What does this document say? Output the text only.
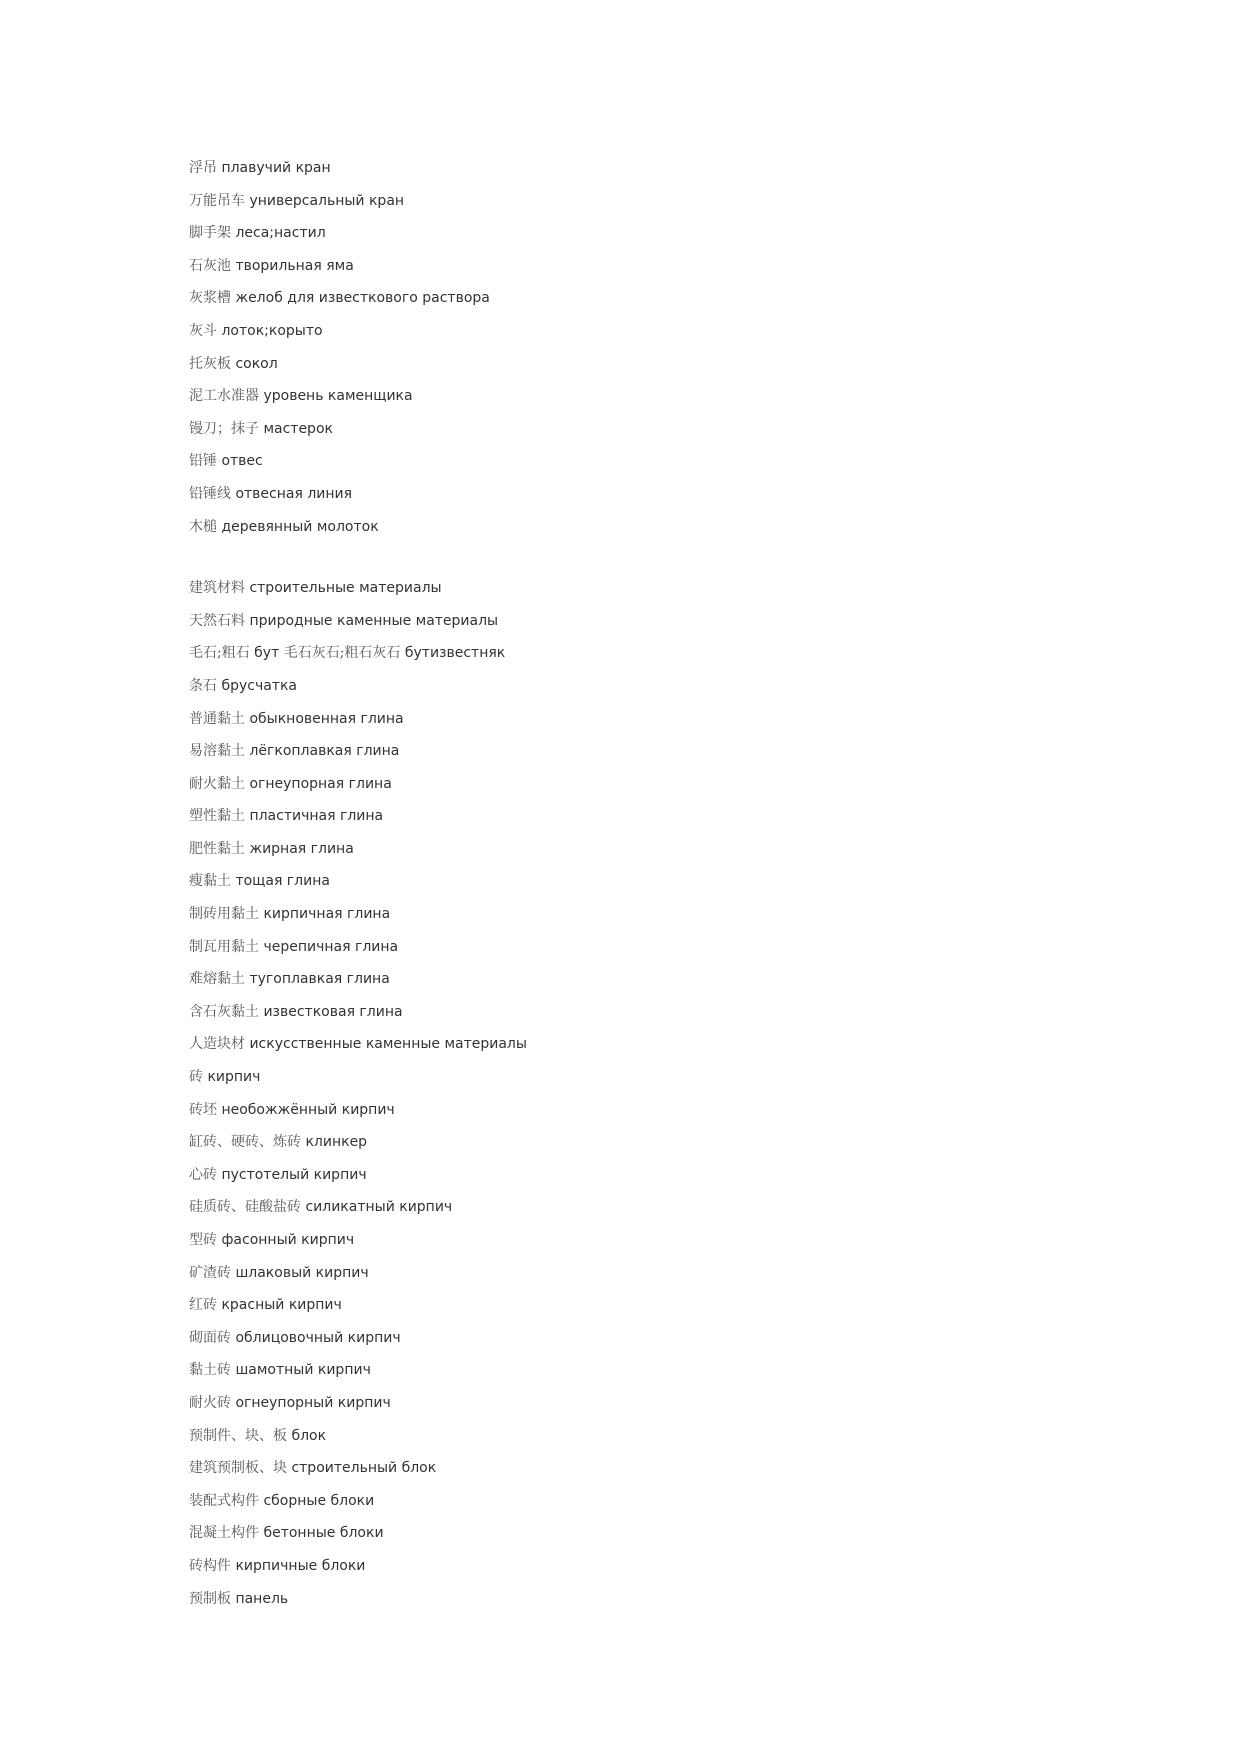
浮吊 плавучий кран
万能吊车 универсальный кран
脚手架 леса;настил
石灰池 творильная яма
灰浆槽 желоб для известкового раствора
灰斗 лоток;корыто
托灰板 сокол
泥工水准器 уровень каменщика
镘刀；抹子 мастерок
铅锤 отвес
铅锤线 отвесная линия
木槌 деревянный молоток
建筑材料 строительные материалы
天然石料 природные каменные материалы
毛石;粗石 бут 毛石灰石;粗石灰石 бутизвестняк
条石 брусчатка
普通黏土 обыкновенная глина
易溶黏土 лёгкоплавкая глина
耐火黏土 огнеупорная глина
塑性黏土 пластичная глина
肥性黏土 жирная глина
瘦黏土 тощая глина
制砖用黏土 кирпичная глина
制瓦用黏土 черепичная глина
难熔黏土 тугоплавкая глина
含石灰黏土 известковая глина
人造块材 искусственные каменные материалы
砖 кирпич
砖坯 необожжённый кирпич
缸砖、硬砖、炼砖 клинкер
心砖 пустотелый кирпич
硅质砖、硅酸盐砖 силикатный кирпич
型砖 фасонный кирпич
矿渣砖 шлаковый кирпич
红砖 красный кирпич
砌面砖 облицовочный кирпич
黏土砖 шамотный кирпич
耐火砖 огнеупорный кирпич
预制件、块、板 блок
建筑预制板、块 строительный блок
装配式构件 сборные блоки
混凝土构件 бетонные блоки
砖构件 кирпичные блоки
预制板 панель
